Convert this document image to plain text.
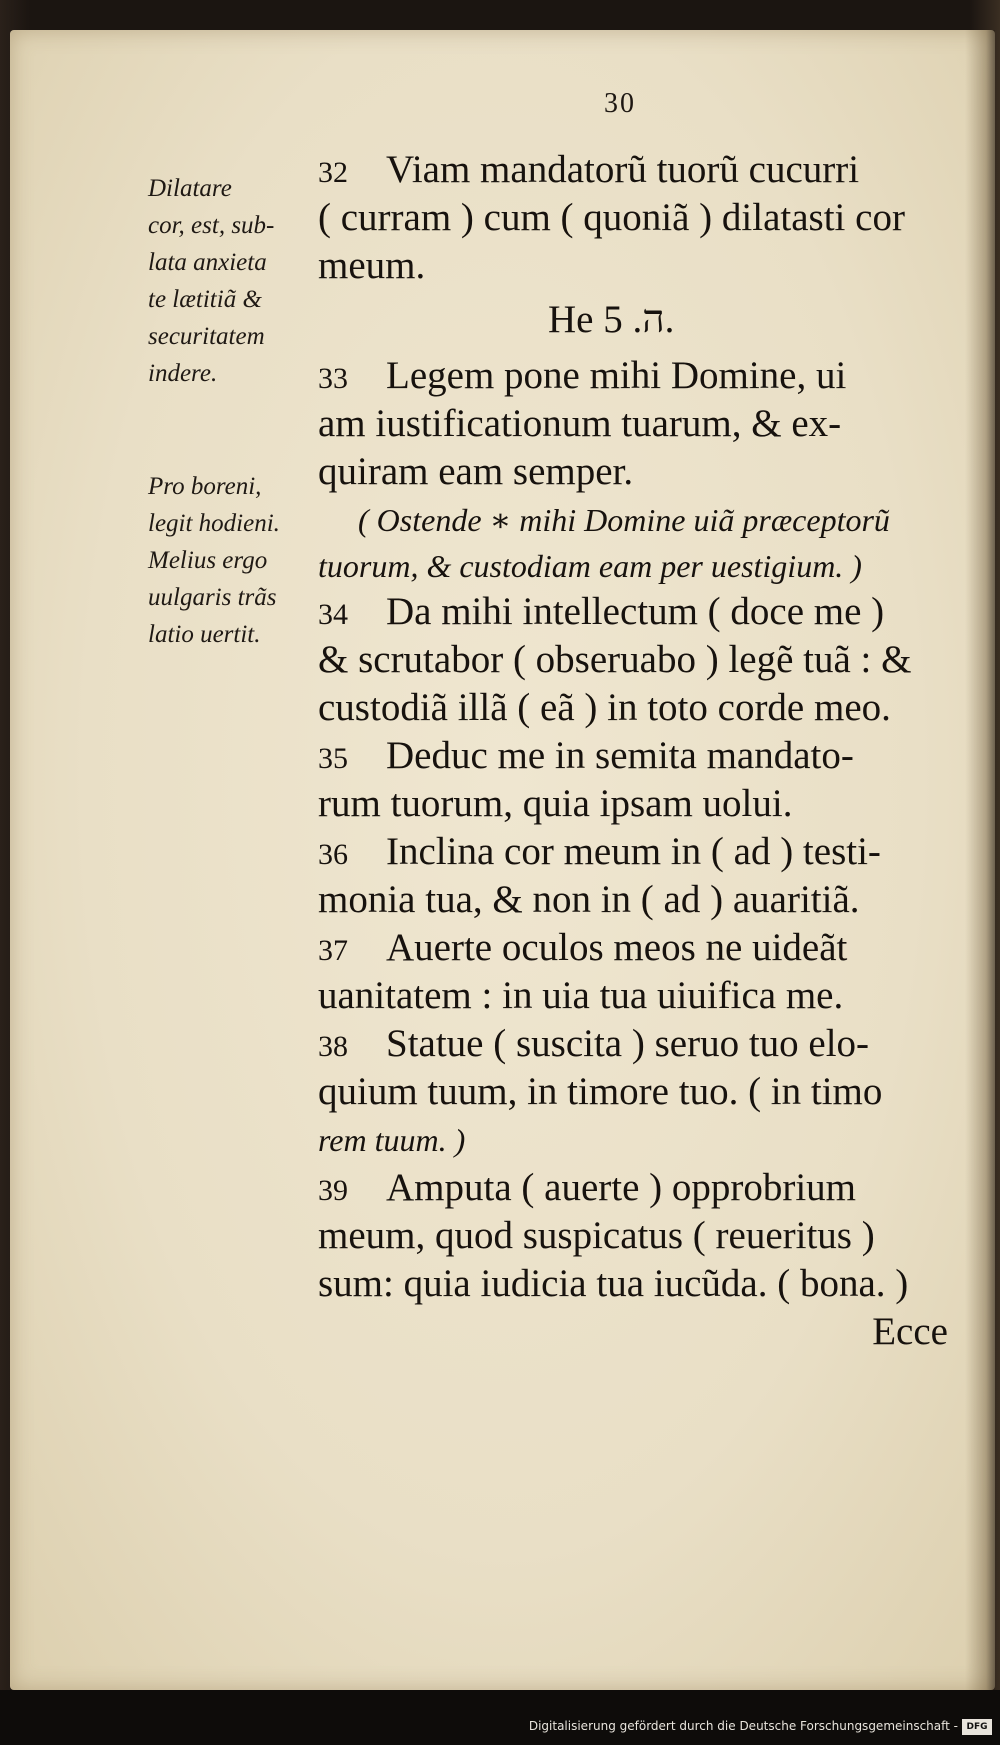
30
Dilatare
cor, est, sub-
lata anxieta
te lætitiã &
securitatem
indere.
Pro boreni,
legit hodieni.
Melius ergo
uulgaris trãs
latio uertit.
32 Viam mandatorũ tuorũ cucurri
( curram ) cum ( quoniã ) dilatasti cor
meum.
He ה. 5.
33 Legem pone mihi Domine, ui
am iustificationum tuarum, & ex-
quiram eam semper.
( Ostende ∗ mihi Domine uiã præceptorũ
tuorum, & custodiam eam per uestigium. )
34 Da mihi intellectum ( doce me )
& scrutabor ( obseruabo ) legẽ tuã : &
custodiã illã ( eã ) in toto corde meo.
35 Deduc me in semita mandato-
rum tuorum, quia ipsam uolui.
36 Inclina cor meum in ( ad ) testi-
monia tua, & non in ( ad ) auaritiã.
37 Auerte oculos meos ne uideãt
uanitatem : in uia tua uiuifica me.
38 Statue ( suscita ) seruo tuo elo-
quium tuum, in timore tuo. ( in timo
rem tuum. )
39 Amputa ( auerte ) opprobrium
meum, quod suspicatus ( reueritus )
sum: quia iudicia tua iucũda. ( bona. )
Ecce
Digitalisierung gefördert durch die Deutsche Forschungsgemeinschaft - DFG
